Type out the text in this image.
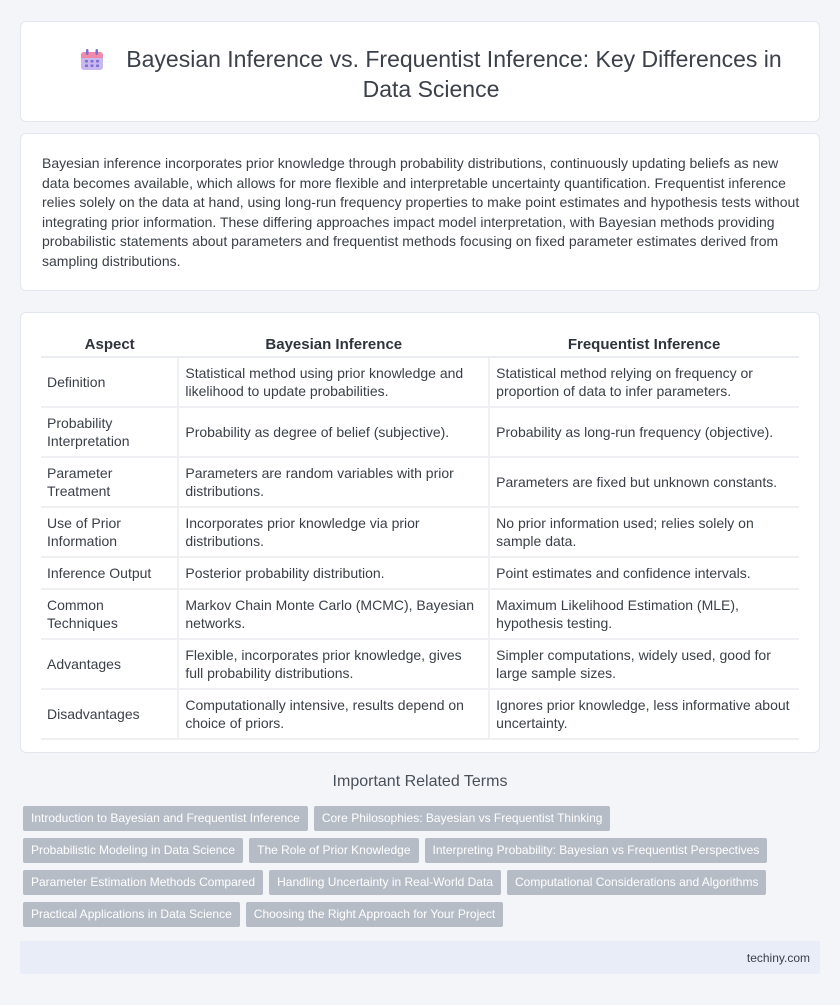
Bayesian Inference vs. Frequentist Inference: Key Differences in Data Science

Bayesian inference incorporates prior knowledge through probability distributions, continuously updating beliefs as new data becomes available, which allows for more flexible and interpretable uncertainty quantification. Frequentist inference relies solely on the data at hand, using long-run frequency properties to make point estimates and hypothesis tests without integrating prior information. These differing approaches impact model interpretation, with Bayesian methods providing probabilistic statements about parameters and frequentist methods focusing on fixed parameter estimates derived from sampling distributions.

Aspect	Bayesian Inference	Frequentist Inference
Definition	Statistical method using prior knowledge and likelihood to update probabilities.	Statistical method relying on frequency or proportion of data to infer parameters.
Probability Interpretation	Probability as degree of belief (subjective).	Probability as long-run frequency (objective).
Parameter Treatment	Parameters are random variables with prior distributions.	Parameters are fixed but unknown constants.
Use of Prior Information	Incorporates prior knowledge via prior distributions.	No prior information used; relies solely on sample data.
Inference Output	Posterior probability distribution.	Point estimates and confidence intervals.
Common Techniques	Markov Chain Monte Carlo (MCMC), Bayesian networks.	Maximum Likelihood Estimation (MLE), hypothesis testing.
Advantages	Flexible, incorporates prior knowledge, gives full probability distributions.	Simpler computations, widely used, good for large sample sizes.
Disadvantages	Computationally intensive, results depend on choice of priors.	Ignores prior knowledge, less informative about uncertainty.
Important Related Terms
Introduction to Bayesian and Frequentist Inference Core Philosophies: Bayesian vs Frequentist Thinking
Probabilistic Modeling in Data Science The Role of Prior Knowledge Interpreting Probability: Bayesian vs Frequentist Perspectives
Parameter Estimation Methods Compared Handling Uncertainty in Real-World Data Computational Considerations and Algorithms
Practical Applications in Data Science Choosing the Right Approach for Your Project
techiny.com
